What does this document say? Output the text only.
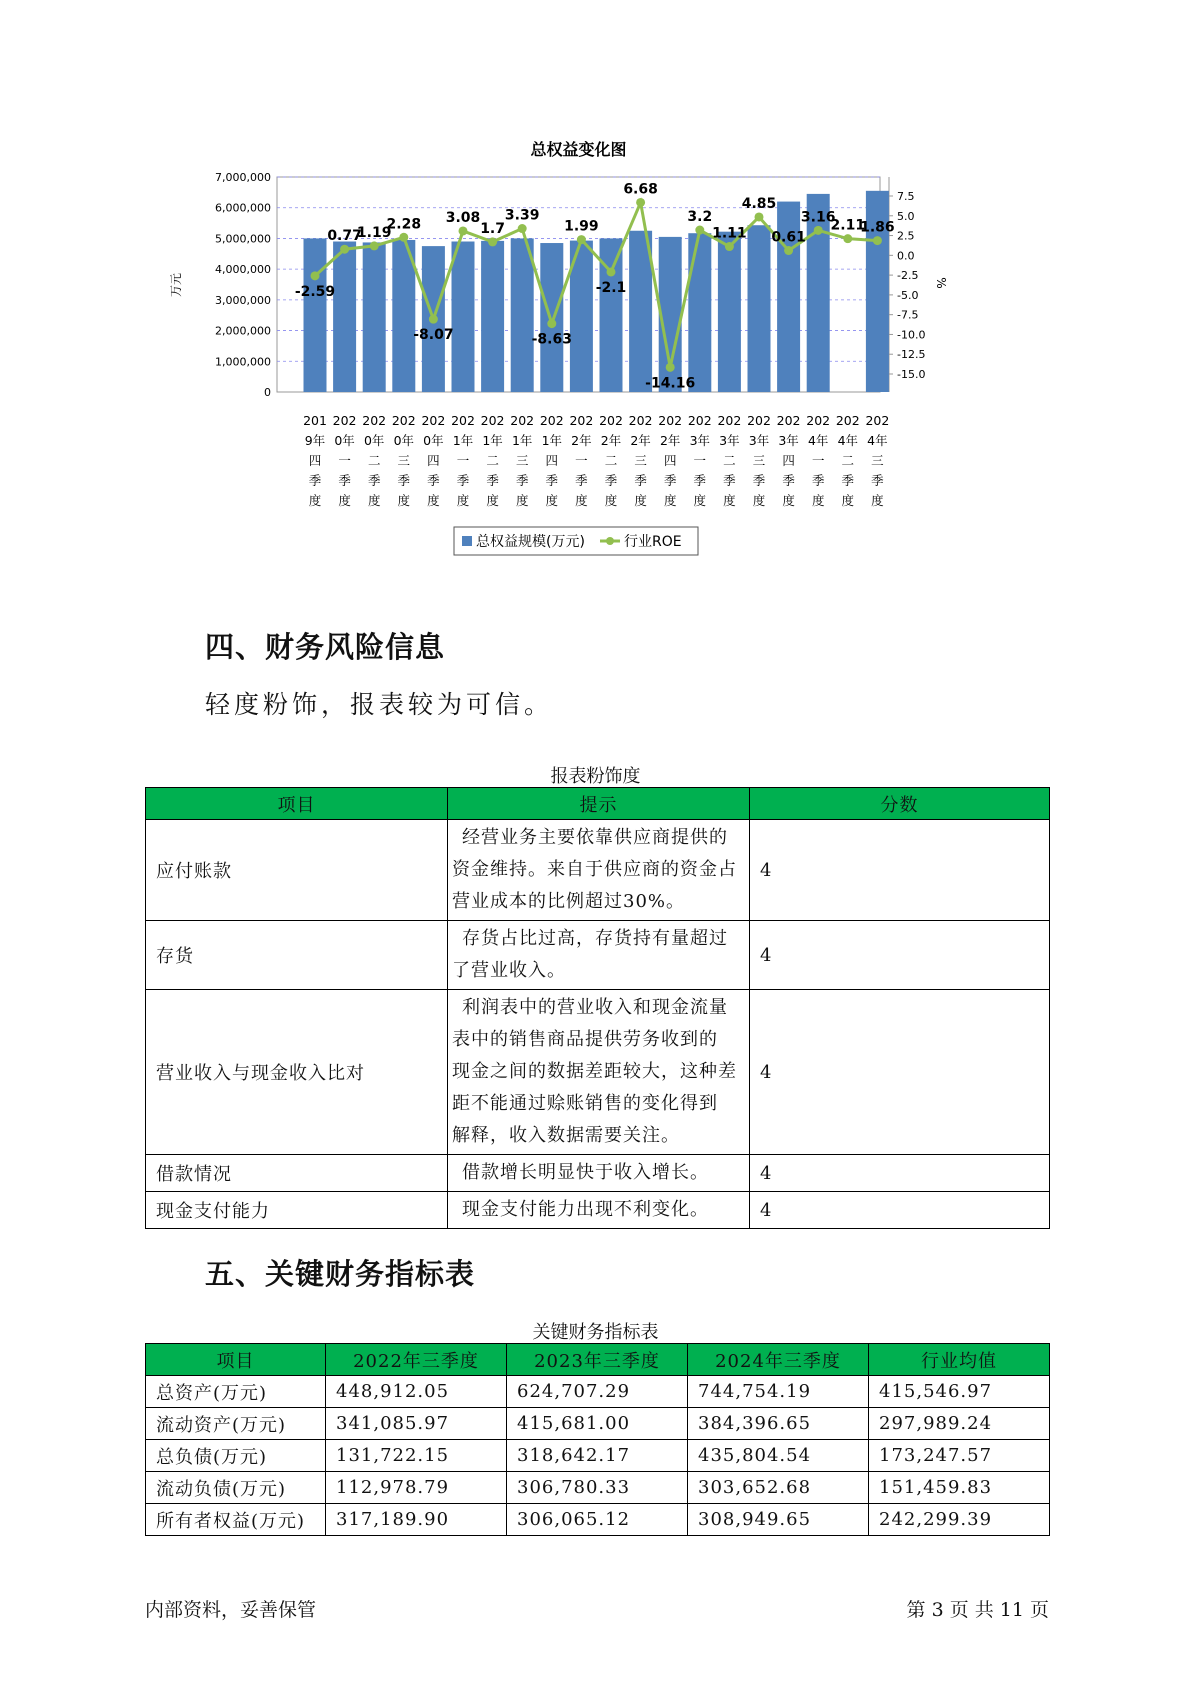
总权益变化图
7,000,000
6,000,000
5,000,000
4,000,000
3,000,000
2,000,000
1,000,000
0
万元
7.5
5.0
2.5
0.0
-2.5
-5.0
-7.5
-10.0
-12.5
-15.0
%
201
9年
四
季
度
202
0年
一
季
度
202
0年
二
季
度
202
0年
三
季
度
202
0年
四
季
度
202
1年
一
季
度
202
1年
二
季
度
202
1年
三
季
度
202
1年
四
季
度
202
2年
一
季
度
202
2年
二
季
度
202
2年
三
季
度
202
2年
四
季
度
202
3年
一
季
度
202
3年
二
季
度
202
3年
三
季
度
202
3年
四
季
度
202
4年
一
季
度
202
4年
二
季
度
202
4年
三
季
度
-2.59
0.77
1.19
2.28
-8.07
3.08
1.7
3.39
-8.63
1.99
-2.1
6.68
-14.16
3.2
1.11
4.85
0.61
3.16
2.11
1.86
总权益规模(万元)	行业ROE
四、财务风险信息

轻度粉饰，报表较为可信。

报表粉饰度

项目	提示	分数
应付账款	经营业务主要依靠供应商提供的
资金维持。来自于供应商的资金占
营业成本的比例超过30%。	4
存货	存货占比过高，存货持有量超过
了营业收入。	4
营业收入与现金收入比对	利润表中的营业收入和现金流量
表中的销售商品提供劳务收到的
现金之间的数据差距较大，这种差
距不能通过赊账销售的变化得到
解释，收入数据需要关注。	4
借款情况	借款增长明显快于收入增长。	4
现金支付能力	现金支付能力出现不利变化。	4
五、关键财务指标表

关键财务指标表

项目	2022年三季度	2023年三季度	2024年三季度	行业均值
总资产(万元)	448,912.05	624,707.29	744,754.19	415,546.97
流动资产(万元)	341,085.97	415,681.00	384,396.65	297,989.24
总负债(万元)	131,722.15	318,642.17	435,804.54	173,247.57
流动负债(万元)	112,978.79	306,780.33	303,652.68	151,459.83
所有者权益(万元)	317,189.90	306,065.12	308,949.65	242,299.39

内部资料，妥善保管	第 3 页 共 11 页
